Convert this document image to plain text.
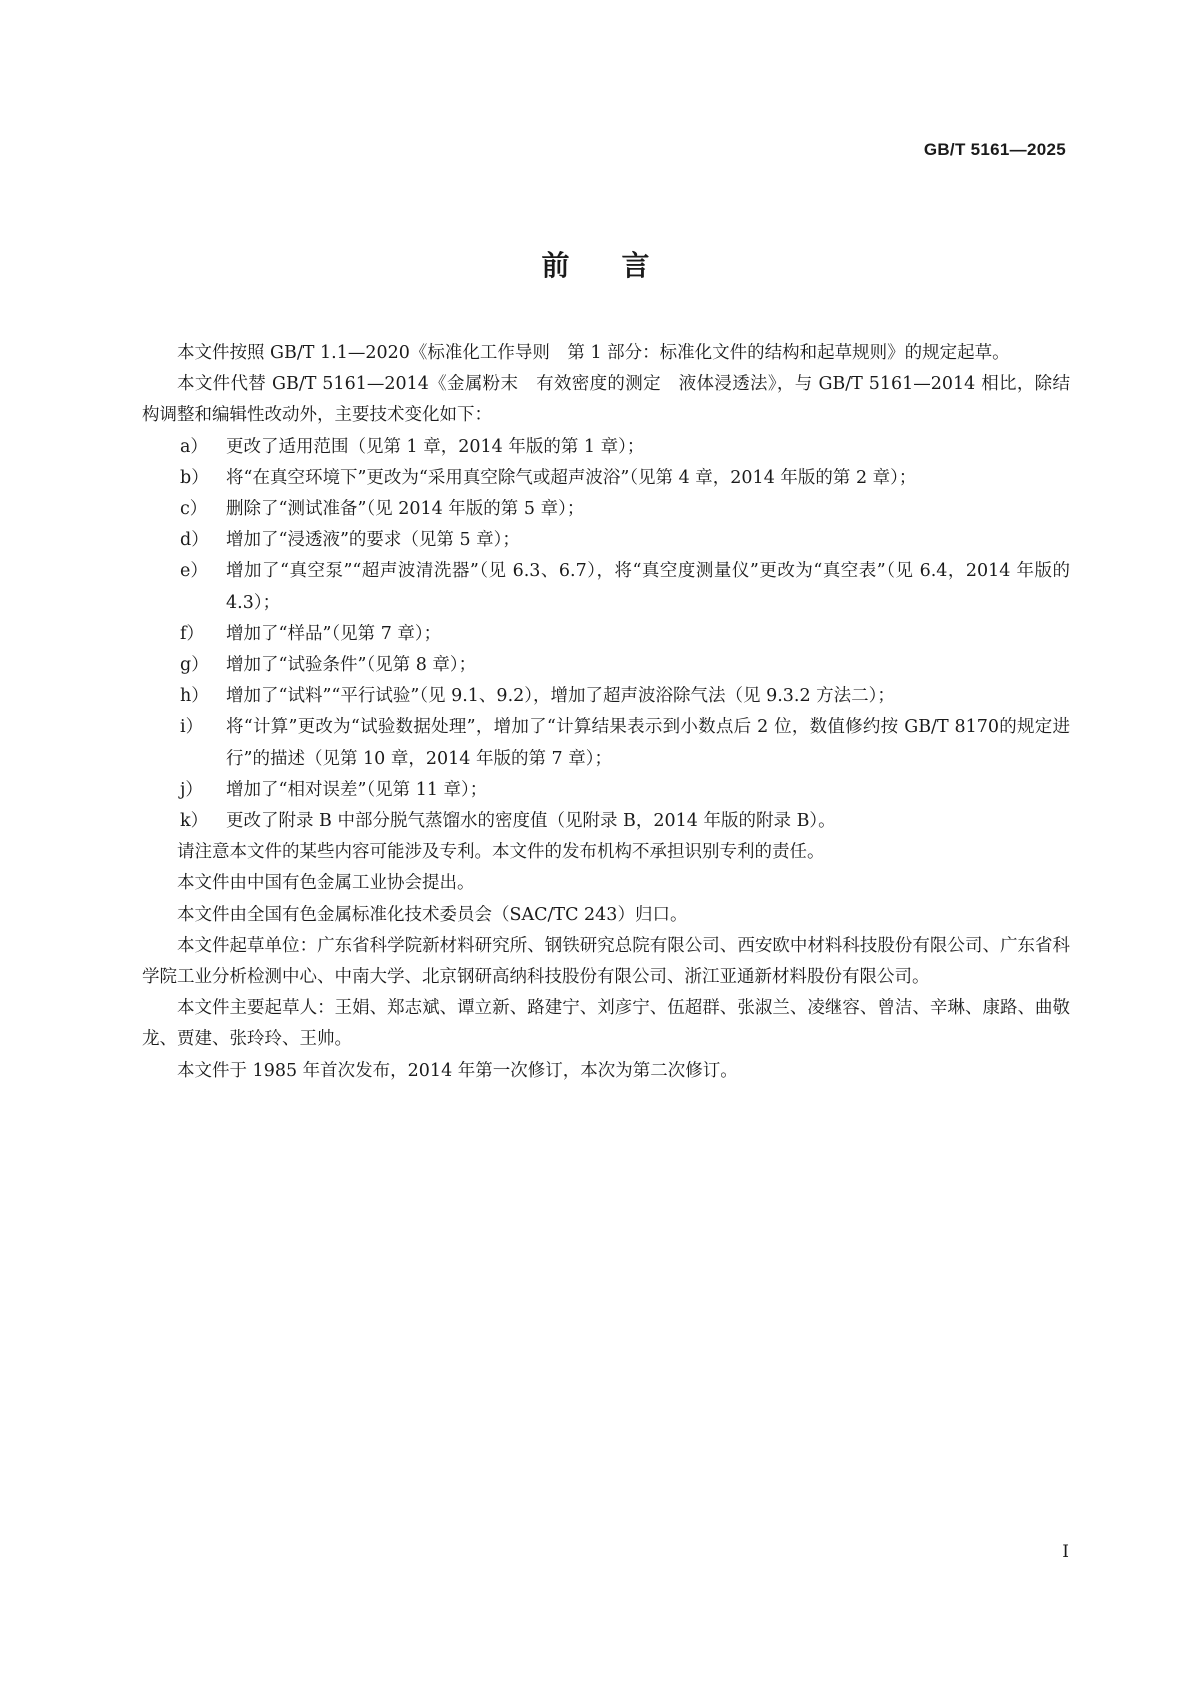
GB/T 5161—2025
前言

本文件按照 GB/T 1.1—2020《标准化工作导则　第 1 部分：标准化文件的结构和起草规则》的规定起草。

本文件代替 GB/T 5161—2014《金属粉末　有效密度的测定　液体浸透法》，与 GB/T 5161—2014 相比，除结构调整和编辑性改动外，主要技术变化如下：

a） 更改了适用范围（见第 1 章，2014 年版的第 1 章）；
b） 将“在真空环境下”更改为“采用真空除气或超声波浴”（见第 4 章，2014 年版的第 2 章）；
c） 删除了“测试准备”（见 2014 年版的第 5 章）；
d） 增加了“浸透液”的要求（见第 5 章）；
e） 增加了“真空泵”“超声波清洗器”（见 6.3、6.7），将“真空度测量仪”更改为“真空表”（见 6.4，2014 年版的 4.3）；
f） 增加了“样品”（见第 7 章）；
g） 增加了“试验条件”（见第 8 章）；
h） 增加了“试料”“平行试验”（见 9.1、9.2），增加了超声波浴除气法（见 9.3.2 方法二）；
i） 将“计算”更改为“试验数据处理”，增加了“计算结果表示到小数点后 2 位，数值修约按 GB/T 8170的规定进行”的描述（见第 10 章，2014 年版的第 7 章）；
j） 增加了“相对误差”（见第 11 章）；
k） 更改了附录 B 中部分脱气蒸馏水的密度值（见附录 B，2014 年版的附录 B）。

请注意本文件的某些内容可能涉及专利。本文件的发布机构不承担识别专利的责任。

本文件由中国有色金属工业协会提出。

本文件由全国有色金属标准化技术委员会（SAC/TC 243）归口。

本文件起草单位：广东省科学院新材料研究所、钢铁研究总院有限公司、西安欧中材料科技股份有限公司、广东省科学院工业分析检测中心、中南大学、北京钢研高纳科技股份有限公司、浙江亚通新材料股份有限公司。

本文件主要起草人：王娟、郑志斌、谭立新、路建宁、刘彦宁、伍超群、张淑兰、凌继容、曾洁、辛琳、康路、曲敬龙、贾建、张玲玲、王帅。

本文件于 1985 年首次发布，2014 年第一次修订，本次为第二次修订。

I
